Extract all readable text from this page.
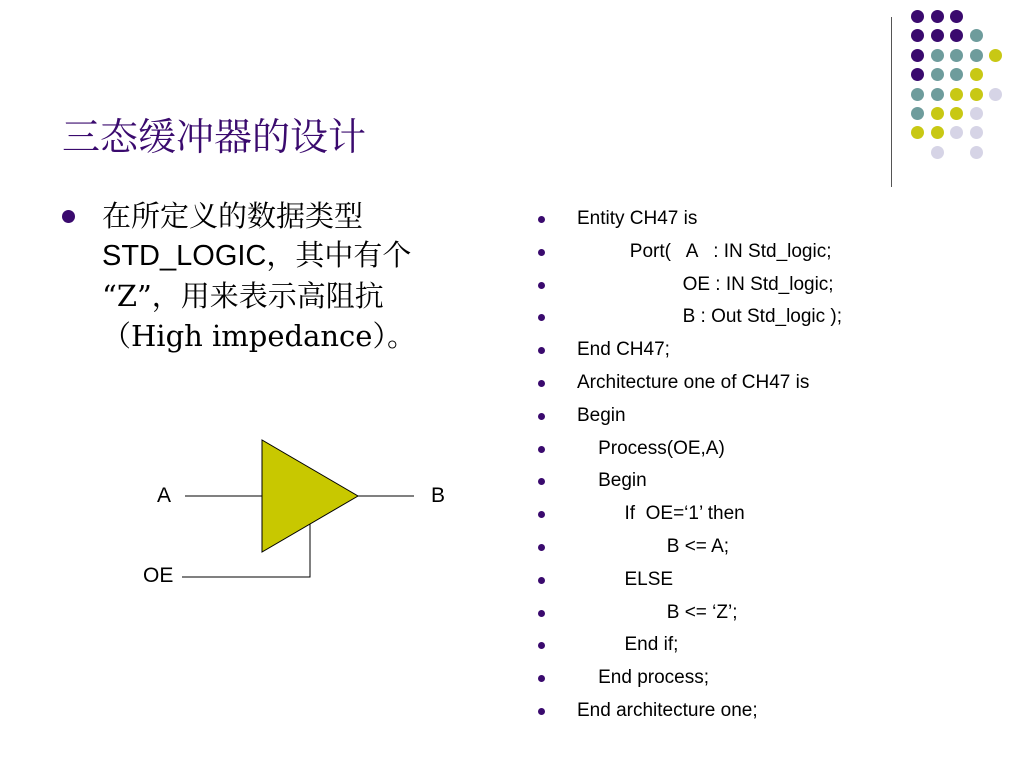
三态缓冲器的设计
在所定义的数据类型
STD_LOGIC，其中有个
“Z”，用来表示高阻抗
（High impedance）。
A	B
OE
Entity CH47 is
Port(   A   : IN Std_logic;
OE : IN Std_logic;
B : Out Std_logic );
End CH47;
Architecture one of CH47 is
Begin
Process(OE,A)
Begin
If  OE=‘1’ then
B <= A;
ELSE
B <= ‘Z’;
End if;
End process;
End architecture one;
